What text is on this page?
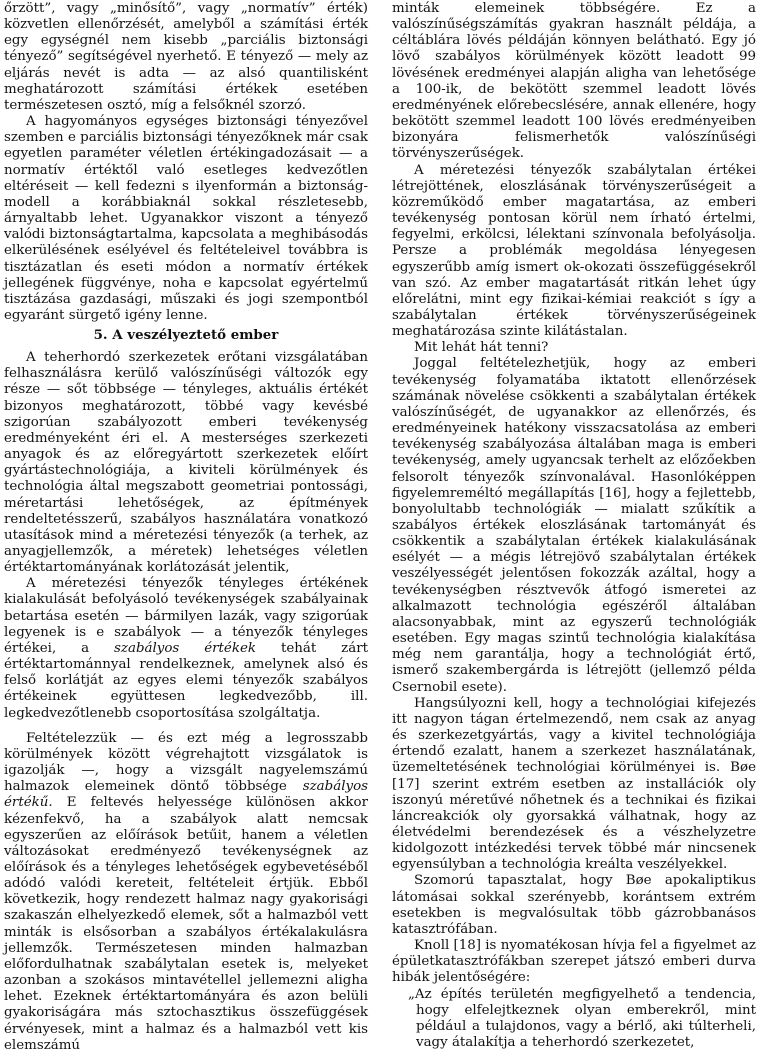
őrzött”, vagy „minősítő”, vagy „normatív” érték) közvetlen ellenőrzését, amelyből a számítási érték egy egységnél nem kisebb „parciális biztonsági tényező” segítségével nyerhető. E tényező — mely az eljárás nevét is adta — az alsó quantilisként meghatározott számítási értékek esetében természetesen osztó, míg a felsőknél szorzó.

A hagyományos egységes biztonsági tényezővel szemben e parciális biztonsági tényezőknek már csak egyetlen paraméter véletlen értékingadozásait — a normatív értéktől való esetleges kedvezőtlen eltéréseit — kell fedezni s ilyenformán a biztonság-modell a korábbiaknál sokkal részletesebb, árnyaltabb lehet. Ugyanakkor viszont a tényező valódi biztonságtartalma, kapcsolata a meghibásodás elkerülésének esélyével és feltételeivel továbbra is tisztázatlan és eseti módon a normatív értékek jellegének függvénye, noha e kapcsolat egyértelmű tisztázása gazdasági, műszaki és jogi szempontból egyaránt sürgető igény lenne.

5. A veszélyeztető ember

A teherhordó szerkezetek erőtani vizsgálatában felhasználásra kerülő valószínűségi változók egy része — sőt többsége — tényleges, aktuális értékét bizonyos meghatározott, többé vagy kevésbé szigorúan szabályozott emberi tevékenység eredményeként éri el. A mesterséges szerkezeti anyagok és az előregyártott szerkezetek előírt gyártástechnológiája, a kiviteli körülmények és technológia által megszabott geometriai pontossági, méretartási lehetőségek, az építmények rendeltetésszerű, szabályos használatára vonatkozó utasítások mind a méretezési tényezők (a terhek, az anyagjellemzők, a méretek) lehetséges véletlen értéktartományának korlátozását jelentik,

A méretezési tényezők tényleges értékének kialakulását befolyásoló tevékenységek szabályainak betartása esetén — bármilyen lazák, vagy szigorúak legyenek is e szabályok — a tényezők tényleges értékei, a szabályos értékek tehát zárt értéktartománnyal rendelkeznek, amelynek alsó és felső korlátját az egyes elemi tényezők szabályos értékeinek együttesen legkedvezőbb, ill. legkedvezőtlenebb csoportosítása szolgáltatja.

Feltételezzük — és ezt még a legrosszabb körülmények között végrehajtott vizsgálatok is igazolják —, hogy a vizsgált nagyelemszámú halmazok elemeinek döntő többsége szabályos értékű. E feltevés helyessége különösen akkor kézenfekvő, ha a szabályok alatt nemcsak egyszerűen az előírások betűit, hanem a véletlen változásokat eredményező tevékenységnek az előírások és a tényleges lehetőségek egybevetéséből adódó valódi kereteit, feltételeit értjük. Ebből következik, hogy rendezett halmaz nagy gyakorisági szakaszán elhelyezkedő elemek, sőt a halmazból vett minták is elsősorban a szabályos értékalakulásra jellemzők. Természetesen minden halmazban előfordulhatnak szabálytalan esetek is, melyeket azonban a szokásos mintavétellel jellemezni aligha lehet. Ezeknek értéktartományára és azon belüli gyakoriságára más sztochasztikus összefüggések érvényesek, mint a halmaz és a halmazból vett kis elemszámú

minták elemeinek többségére. Ez a valószínűségszámítás gyakran használt példája, a céltáblára lövés példáján könnyen belátható. Egy jó lövő szabályos körülmények között leadott 99 lövésének eredményei alapján aligha van lehetősége a 100-ik, de bekötött szemmel leadott lövés eredményének előrebecslésére, annak ellenére, hogy bekötött szemmel leadott 100 lövés eredményeiben bizonyára felismerhetők valószínűségi törvényszerűségek.

A méretezési tényezők szabálytalan értékei létrejöttének, eloszlásának törvényszerűségeit a közreműködő ember magatartása, az emberi tevékenység pontosan körül nem írható értelmi, fegyelmi, erkölcsi, lélektani színvonala befolyásolja. Persze a problémák megoldása lényegesen egyszerűbb amíg ismert ok-okozati összefüggésekről van szó. Az ember magatartását ritkán lehet úgy előrelátni, mint egy fizikai-kémiai reakciót s így a szabálytalan értékek törvényszerűségeinek meghatározása szinte kilátástalan.

Mit lehát hát tenni?

Joggal feltételezhetjük, hogy az emberi tevékenység folyamatába iktatott ellenőrzések számának növelése csökkenti a szabálytalan értékek valószínűségét, de ugyanakkor az ellenőrzés, és eredményeinek hatékony visszacsatolása az emberi tevékenység szabályozása általában maga is emberi tevékenység, amely ugyancsak terhelt az előzőekben felsorolt tényezők színvonalával. Hasonlóképpen figyelemreméltó megállapítás [16], hogy a fejlettebb, bonyolultabb technológiák — mialatt szűkítik a szabályos értékek eloszlásának tartományát és csökkentik a szabálytalan értékek kialakulásának esélyét — a mégis létrejövő szabálytalan értékek veszélyességét jelentősen fokozzák azáltal, hogy a tevékenységben résztvevők átfogó ismeretei az alkalmazott technológia egészéről általában alacsonyabbak, mint az egyszerű technológiák esetében. Egy magas szintű technológia kialakítása még nem garantálja, hogy a technológiát értő, ismerő szakembergárda is létrejött (jellemző példa Csernobil esete).

Hangsúlyozni kell, hogy a technológiai kifejezés itt nagyon tágan értelmezendő, nem csak az anyag és szerkezetgyártás, vagy a kivitel technológiája értendő ezalatt, hanem a szerkezet használatának, üzemeltetésének technológiai körülményei is. Bøe [17] szerint extrém esetben az installációk oly iszonyú méretűvé nőhetnek és a technikai és fizikai láncreakciók oly gyorsakká válhatnak, hogy az életvédelmi berendezések és a vészhelyzetre kidolgozott intézkedési tervek többé már nincsenek egyensúlyban a technológia kreálta veszélyekkel.

Szomorú tapasztalat, hogy Bøe apokaliptikus látomásai sokkal szerényebb, korántsem extrém esetekben is megvalósultak több gázrobbanásos katasztrófában.

Knoll [18] is nyomatékosan hívja fel a figyelmet az épületkatasztrófákban szerepet játszó emberi durva hibák jelentőségére:

„Az építés területén megfigyelhető a tendencia, hogy elfelejtkeznek olyan emberekről, mint például a tulajdonos, vagy a bérlő, aki túlterheli, vagy átalakítja a teherhordó szerkezetet,
